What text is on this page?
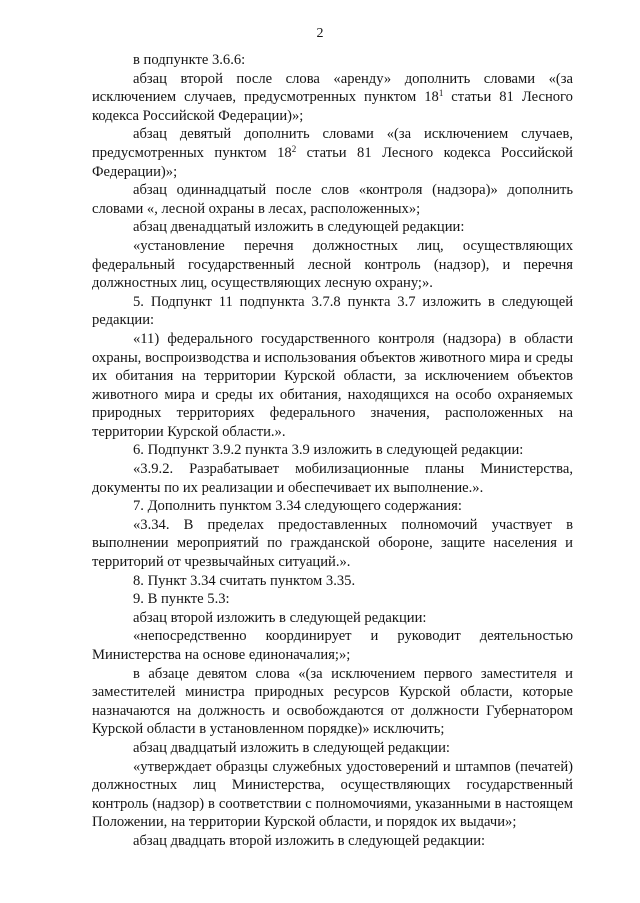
2

в подпункте 3.6.6:

абзац второй после слова «аренду» дополнить словами «(за исключением случаев, предусмотренных пунктом $18^1$ статьи 81 Лесного кодекса Российской Федерации)»;

абзац девятый дополнить словами «(за исключением случаев, предусмотренных пунктом $18^2$ статьи 81 Лесного кодекса Российской Федерации)»;

абзац одиннадцатый после слов «контроля (надзора)» дополнить словами «, лесной охраны в лесах, расположенных»;

абзац двенадцатый изложить в следующей редакции:

«установление перечня должностных лиц, осуществляющих федеральный государственный лесной контроль (надзор), и перечня должностных лиц, осуществляющих лесную охрану;».

5. Подпункт 11 подпункта 3.7.8 пункта 3.7 изложить в следующей редакции:

«11) федерального государственного контроля (надзора) в области охраны, воспроизводства и использования объектов животного мира и среды их обитания на территории Курской области, за исключением объектов животного мира и среды их обитания, находящихся на особо охраняемых природных территориях федерального значения, расположенных на территории Курской области.».

6. Подпункт 3.9.2 пункта 3.9 изложить в следующей редакции:

«3.9.2. Разрабатывает мобилизационные планы Министерства, документы по их реализации и обеспечивает их выполнение.».

7. Дополнить пунктом 3.34 следующего содержания:

«3.34. В пределах предоставленных полномочий участвует в выполнении мероприятий по гражданской обороне, защите населения и территорий от чрезвычайных ситуаций.».

8. Пункт 3.34 считать пунктом 3.35.

9. В пункте 5.3:

абзац второй изложить в следующей редакции:

«непосредственно координирует и руководит деятельностью Министерства на основе единоначалия;»;

в абзаце девятом слова «(за исключением первого заместителя и заместителей министра природных ресурсов Курской области, которые назначаются на должность и освобождаются от должности Губернатором Курской области в установленном порядке)» исключить;

абзац двадцатый изложить в следующей редакции:

«утверждает образцы служебных удостоверений и штампов (печатей) должностных лиц Министерства, осуществляющих государственный контроль (надзор) в соответствии с полномочиями, указанными в настоящем Положении, на территории Курской области, и порядок их выдачи»;

абзац двадцать второй изложить в следующей редакции:
